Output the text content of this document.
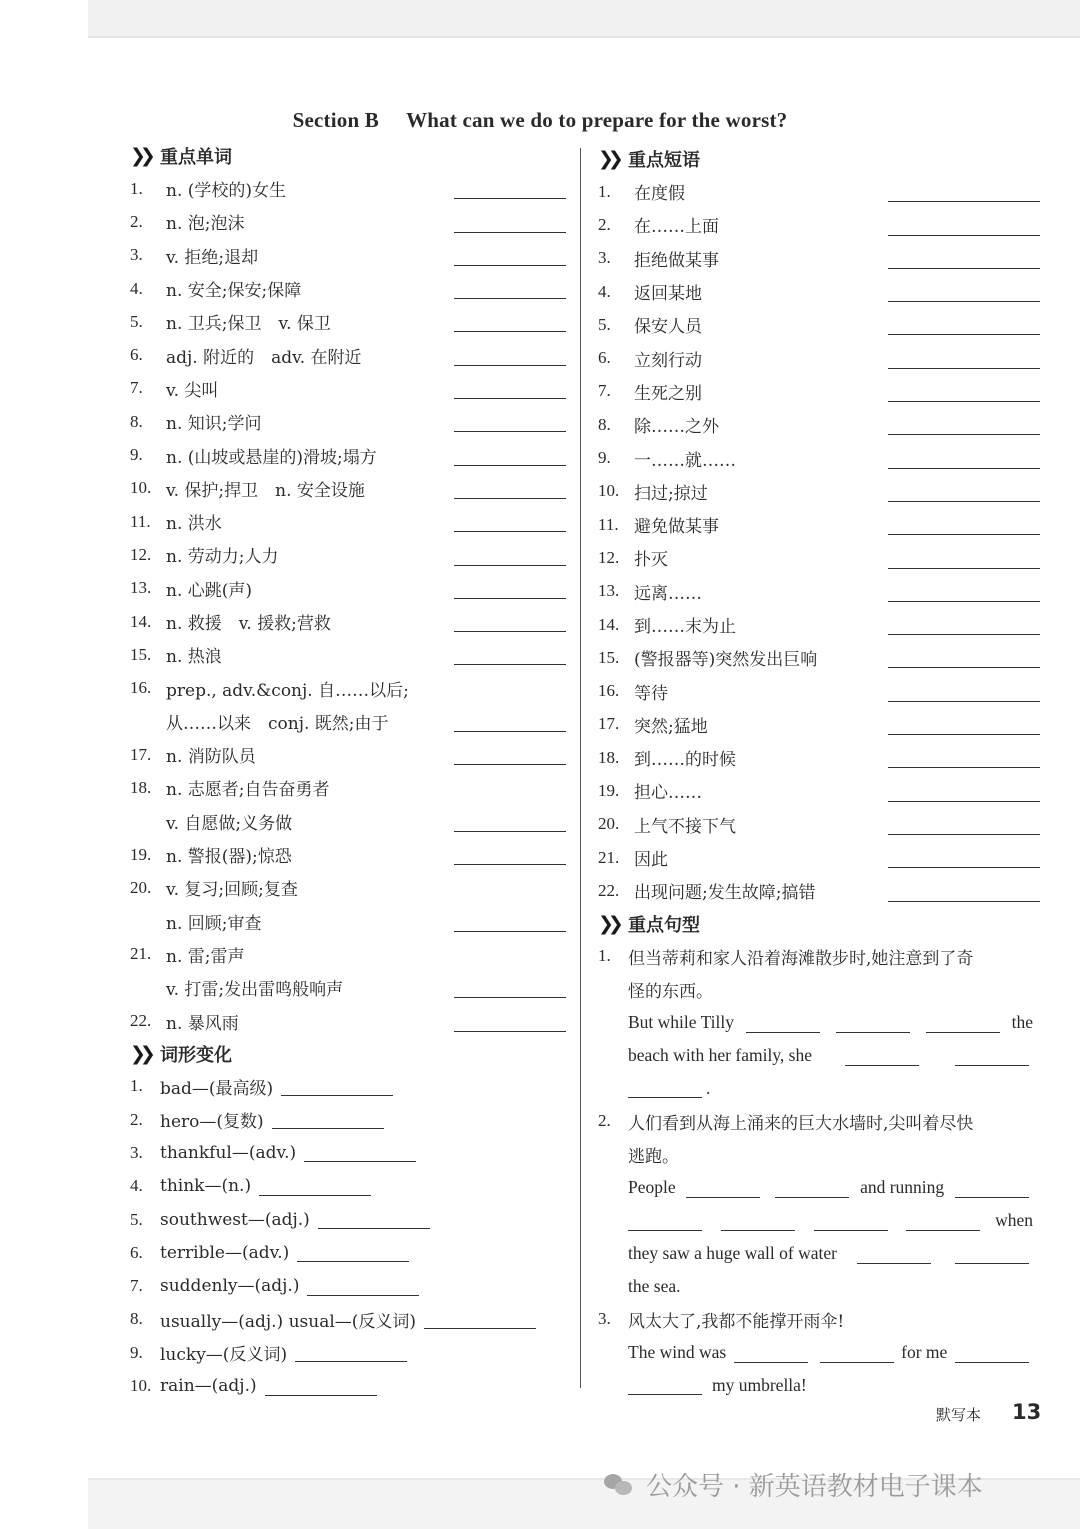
Section B What can we do to prepare for the worst?
❯❯ 重点单词
1.	n. (学校的)女生
2.	n. 泡;泡沫
3.	v. 拒绝;退却
4.	n. 安全;保安;保障
5.	n. 卫兵;保卫　v. 保卫
6.	adj. 附近的　adv. 在附近
7.	v. 尖叫
8.	n. 知识;学问
9.	n. (山坡或悬崖的)滑坡;塌方
10. v. 保护;捍卫　n. 安全设施
11. n. 洪水
12. n. 劳动力;人力
13. n. 心跳(声)
14. n. 救援　v. 援救;营救
15. n. 热浪
16. prep., adv.&conj. 自……以后;
从……以来　conj. 既然;由于
17. n. 消防队员
18. n. 志愿者;自告奋勇者
v. 自愿做;义务做
19. n. 警报(器);惊恐
20. v. 复习;回顾;复查
n. 回顾;审查
21. n. 雷;雷声
v. 打雷;发出雷鸣般响声
22. n. 暴风雨
❯❯ 词形变化
1.	bad—(最高级)
2.	hero—(复数)
3.	thankful—(adv.)
4.	think—(n.)
5.	southwest—(adj.)
6.	terrible—(adv.)
7.	suddenly—(adj.)
8.	usually—(adj.) usual—(反义词)
9.	lucky—(反义词)
10. rain—(adj.)
❯❯ 重点短语
1.	在度假
2.	在……上面
3.	拒绝做某事
4.	返回某地
5.	保安人员
6.	立刻行动
7.	生死之别
8.	除……之外
9.	一……就……
10. 扫过;掠过
11. 避免做某事
12. 扑灭
13. 远离……
14. 到……末为止
15. (警报器等)突然发出巨响
16. 等待
17. 突然;猛地
18. 到……的时候
19. 担心……
20. 上气不接下气
21. 因此
22. 出现问题;发生故障;搞错
❯❯ 重点句型
1.	但当蒂莉和家人沿着海滩散步时,她注意到了奇
怪的东西。
But while Tilly	the
beach with her family, she
.
2.	人们看到从海上涌来的巨大水墙时,尖叫着尽快
逃跑。
People	and running
when
they saw a huge wall of water
the sea.
3.	风太大了,我都不能撑开雨伞!
The wind was	for me
my umbrella!
默写本 13
公众号 · 新英语教材电子课本
